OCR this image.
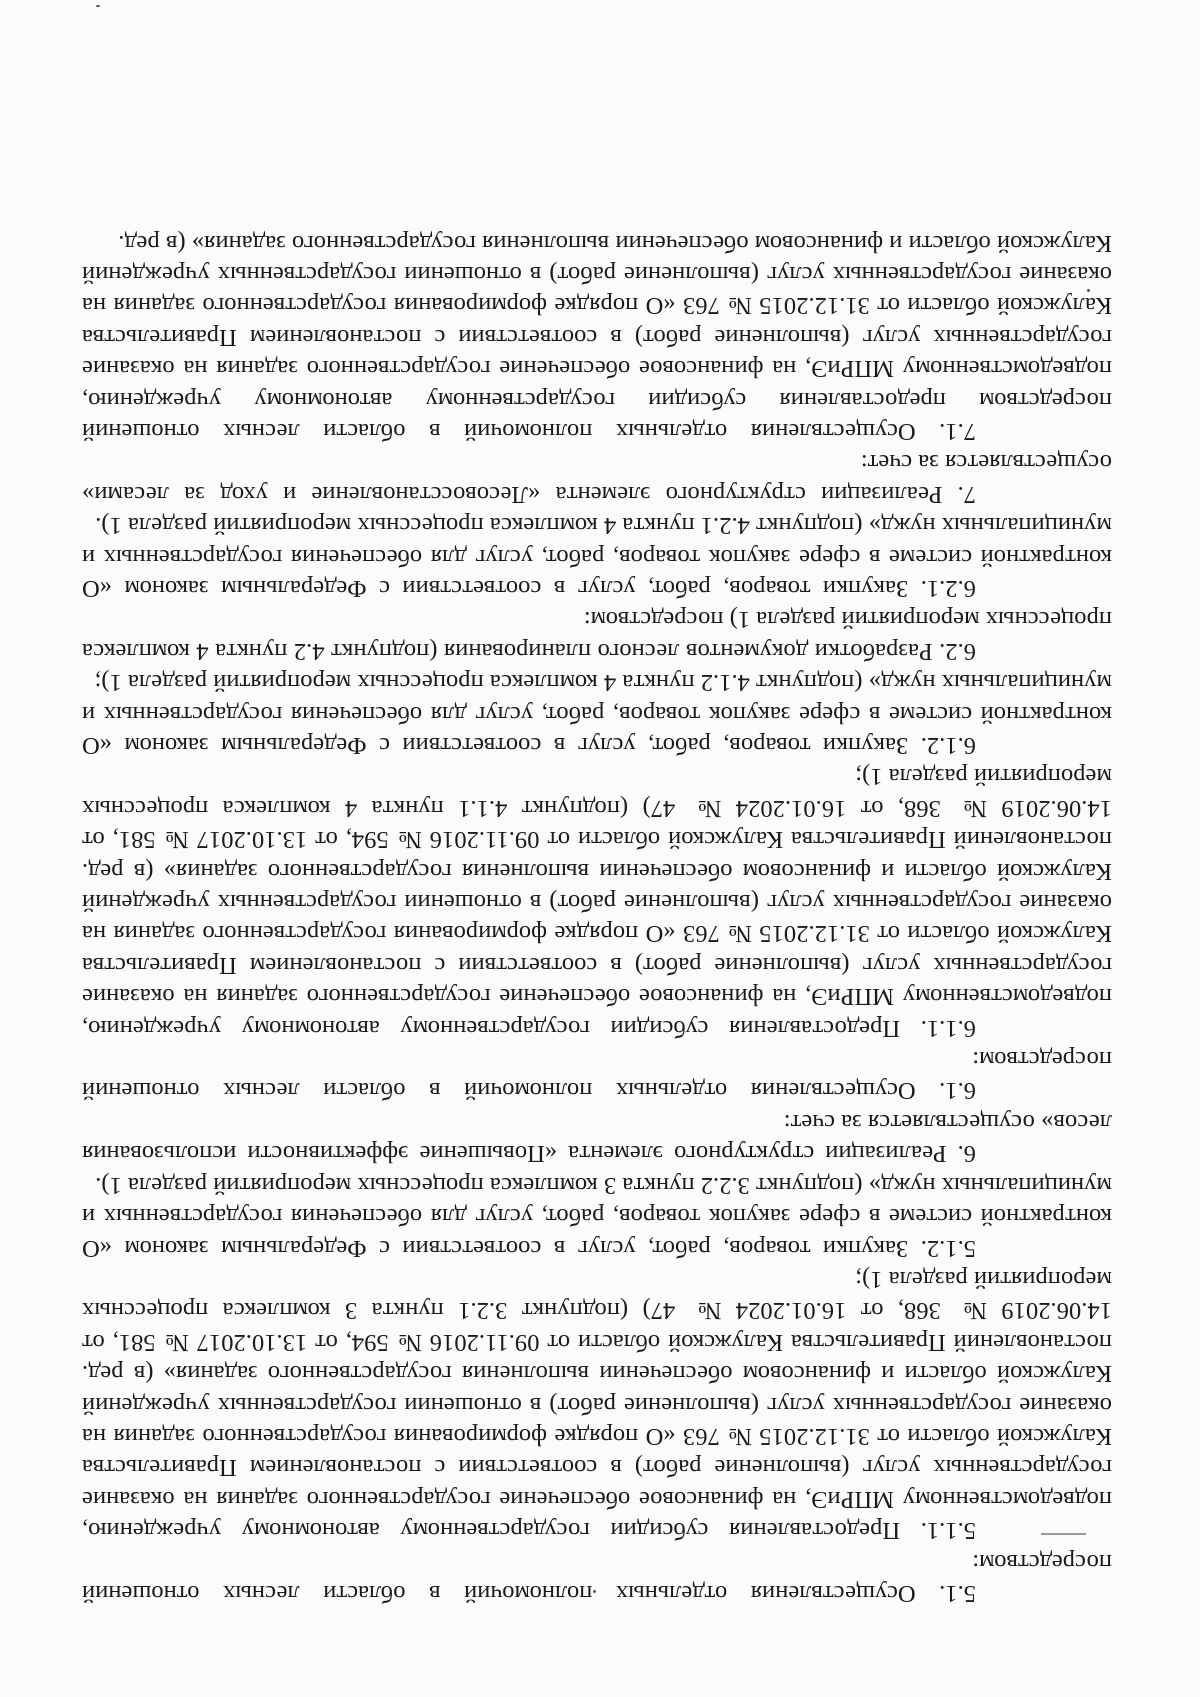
5.1. Осуществления отдельных полномочий в области лесных отношений посредством:

5.1.1. Предоставления субсидии государственному автономному учреждению, подведомственному МПРиЭ, на финансовое обеспечение государственного задания на оказание государственных услуг (выполнение работ) в соответствии с постановлением Правительства Калужской области от 31.12.2015 № 763 «О порядке формирования государственного задания на оказание государственных услуг (выполнение работ) в отношении государственных учреждений Калужской области и финансовом обеспечении выполнения государственного задания» (в ред. постановлений Правительства Калужской области от 09.11.2016 № 594, от 13.10.2017 № 581, от 14.06.2019 № 368, от 16.01.2024 № 47) (подпункт 3.2.1 пункта 3 комплекса процессных мероприятий раздела 1);

5.1.2. Закупки товаров, работ, услуг в соответствии с Федеральным законом «О контрактной системе в сфере закупок товаров, работ, услуг для обеспечения государственных и муниципальных нужд» (подпункт 3.2.2 пункта 3 комплекса процессных мероприятий раздела 1).

6. Реализации структурного элемента «Повышение эффективности использования лесов» осуществляется за счет:

6.1. Осуществления отдельных полномочий в области лесных отношений посредством:

6.1.1. Предоставления субсидии государственному автономному учреждению, подведомственному МПРиЭ, на финансовое обеспечение государственного задания на оказание государственных услуг (выполнение работ) в соответствии с постановлением Правительства Калужской области от 31.12.2015 № 763 «О порядке формирования государственного задания на оказание государственных услуг (выполнение работ) в отношении государственных учреждений Калужской области и финансовом обеспечении выполнения государственного задания» (в ред. постановлений Правительства Калужской области от 09.11.2016 № 594, от 13.10.2017 № 581, от 14.06.2019 № 368, от 16.01.2024 № 47) (подпункт 4.1.1 пункта 4 комплекса процессных мероприятий раздела 1);

6.1.2. Закупки товаров, работ, услуг в соответствии с Федеральным законом «О контрактной системе в сфере закупок товаров, работ, услуг для обеспечения государственных и муниципальных нужд» (подпункт 4.1.2 пункта 4 комплекса процессных мероприятий раздела 1);

6.2. Разработки документов лесного планирования (подпункт 4.2 пункта 4 комплекса процессных мероприятий раздела 1) посредством:

6.2.1. Закупки товаров, работ, услуг в соответствии с Федеральным законом «О контрактной системе в сфере закупок товаров, работ, услуг для обеспечения государственных и муниципальных нужд» (подпункт 4.2.1 пункта 4 комплекса процессных мероприятий раздела 1).

7. Реализации структурного элемента «Лесовосстановление и уход за лесами» осуществляется за счет:

7.1. Осуществления отдельных полномочий в области лесных отношений посредством предоставления субсидии государственному автономному учреждению, подведомственному МПРиЭ, на финансовое обеспечение государственного задания на оказание государственных услуг (выполнение работ) в соответствии с постановлением Правительства Калужской области от 31.12.2015 № 763 «О порядке формирования государственного задания на оказание государственных услуг (выполнение работ) в отношении государственных учреждений Калужской области и финансовом обеспечении выполнения государственного задания» (в ред.
